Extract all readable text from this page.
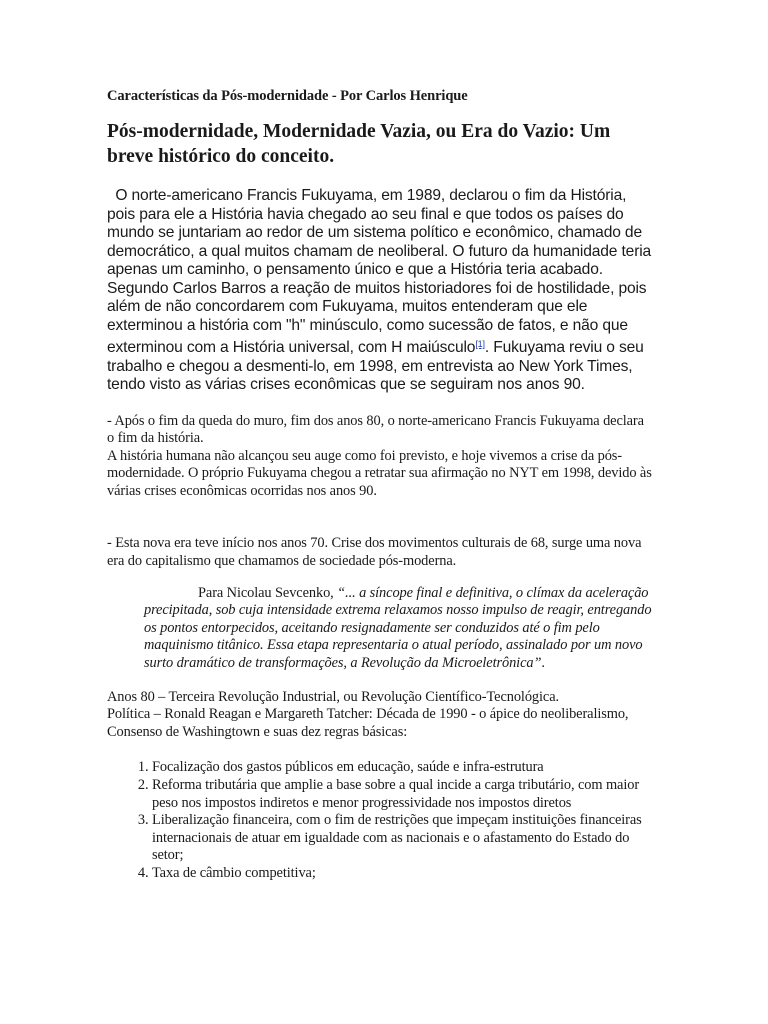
Características da Pós-modernidade - Por Carlos Henrique
Pós-modernidade, Modernidade Vazia, ou Era do Vazio: Um breve histórico do conceito.

O norte-americano Francis Fukuyama, em 1989, declarou o fim da História, pois para ele a História havia chegado ao seu final e que todos os países do mundo se juntariam ao redor de um sistema político e econômico, chamado de democrático, a qual muitos chamam de neoliberal. O futuro da humanidade teria apenas um caminho, o pensamento único e que a História teria acabado. Segundo Carlos Barros a reação de muitos historiadores foi de hostilidade, pois além de não concordarem com Fukuyama, muitos entenderam que ele exterminou a história com "h" minúsculo, como sucessão de fatos, e não que exterminou com a História universal, com H maiúsculo[1]. Fukuyama reviu o seu trabalho e chegou a desmenti-lo, em 1998, em entrevista ao New York Times, tendo visto as várias crises econômicas que se seguiram nos anos 90.

- Após o fim da queda do muro, fim dos anos 80, o norte-americano Francis Fukuyama declara o fim da história.

A história humana não alcançou seu auge como foi previsto, e hoje vivemos a crise da pós-modernidade. O próprio Fukuyama chegou a retratar sua afirmação no NYT em 1998, devido às várias crises econômicas ocorridas nos anos 90.

- Esta nova era teve início nos anos 70. Crise dos movimentos culturais de 68, surge uma nova era do capitalismo que chamamos de sociedade pós-moderna.

Para Nicolau Sevcenko, “... a síncope final e definitiva, o clímax da aceleração precipitada, sob cuja intensidade extrema relaxamos nosso impulso de reagir, entregando os pontos entorpecidos, aceitando resignadamente ser conduzidos até o fim pelo maquinismo titânico. Essa etapa representaria o atual período, assinalado por um novo surto dramático de transformações, a Revolução da Microeletrônica”.

Anos 80 – Terceira Revolução Industrial, ou Revolução Científico-Tecnológica.

Política – Ronald Reagan e Margareth Tatcher: Década de 1990 - o ápice do neoliberalismo, Consenso de Washingtown e suas dez regras básicas:

1. Focalização dos gastos públicos em educação, saúde e infra-estrutura
2. Reforma tributária que amplie a base sobre a qual incide a carga tributário, com maior peso nos impostos indiretos e menor progressividade nos impostos diretos
3. Liberalização financeira, com o fim de restrições que impeçam instituições financeiras internacionais de atuar em igualdade com as nacionais e o afastamento do Estado do setor;
4. Taxa de câmbio competitiva;
